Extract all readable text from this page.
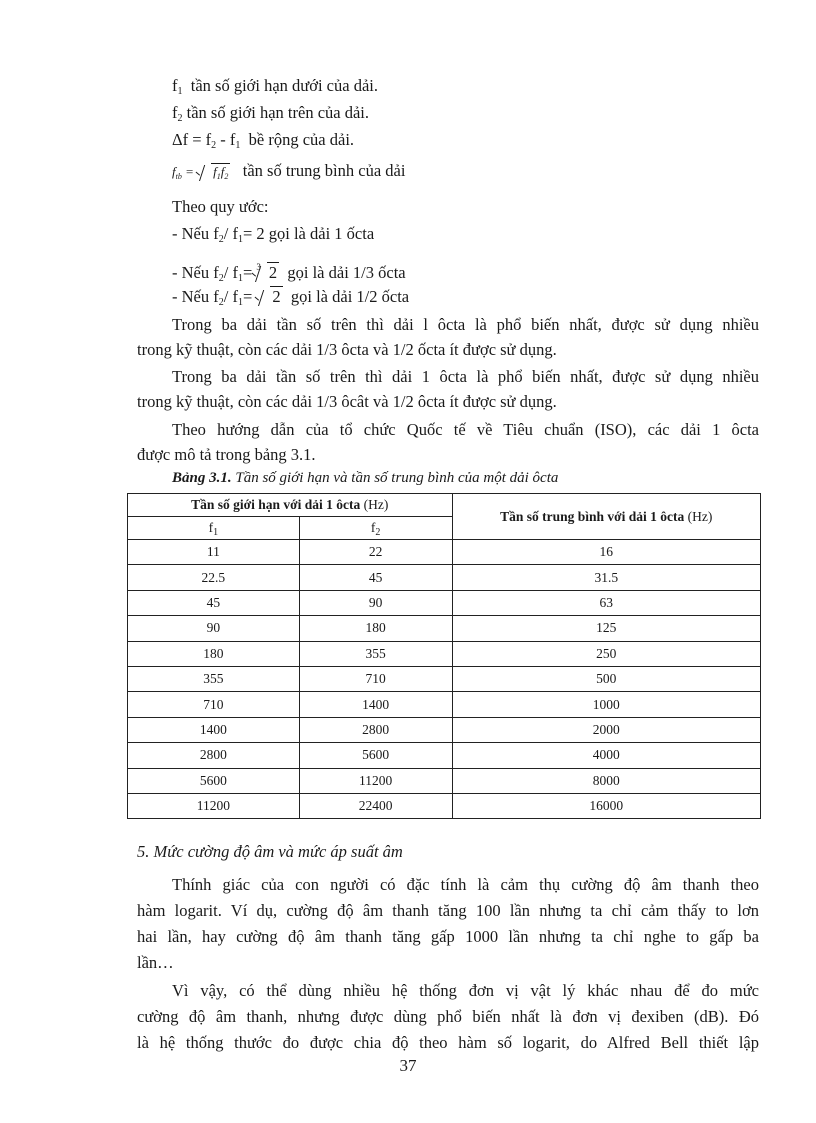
$f_1$ tần số giới hạn dưới của dải.
$f_2$ tần số giới hạn trên của dải.
$\Delta f = f_2 - f_1$ bề rộng của dải.
$f_{tb} = f_1f_2$ tần số trung bình của dải
Theo quy ước:
- Nếu $f_2/$ $f_1= 2$ gọi là dải 1 ốcta
- Nếu $f_2/$ $f_1= ^3$ 2 gọi là dải 1/3 ốcta
- Nếu $f_2/$ $f_1= 2$ gọi là dải 1/2 ốcta
Trong ba dải tần số trên thì dải l ôcta là phổ biến nhất, được sử dụng nhiều
trong kỹ thuật, còn các dải 1/3 ôcta và 1/2 ốcta ít được sử dụng.
Trong ba dải tần số trên thì dải 1 ôcta là phổ biến nhất, được sử dụng nhiều
trong kỹ thuật, còn các dải 1/3 ôcât và 1/2 ôcta ít được sử dụng.
Theo hướng dẫn của tổ chức Quốc tế về Tiêu chuẩn (ISO), các dải 1 ôcta
được mô tả trong bảng 3.1.
Bảng 3.1. Tần số giới hạn và tần số trung bình của một dải ôcta
Tần số giới hạn với dải 1 ôcta (Hz)		Tần số trung bình với dải 1 ôcta (Hz)
$f_1$	$f_2$
11	22	16
22.5	45	31.5
45	90	63
90	180	125
180	355	250
355	710	500
710	1400	1000
1400	2800	2000
2800	5600	4000
5600	11200	8000
11200	22400	16000
5. Mức cường độ âm và mức áp suất âm
Thính giác của con người có đặc tính là cảm thụ cường độ âm thanh theo
hàm logarit. Ví dụ, cường độ âm thanh tăng 100 lần nhưng ta chỉ cảm thấy to lơn
hai lần, hay cường độ âm thanh tăng gấp 1000 lần nhưng ta chỉ nghe to gấp ba
lần…
Vì vậy, có thể dùng nhiều hệ thống đơn vị vật lý khác nhau để đo mức
cường độ âm thanh, nhưng được dùng phổ biến nhất là đơn vị đexiben (dB). Đó
là hệ thống thước đo được chia độ theo hàm số logarit, do Alfred Bell thiết lập
37
